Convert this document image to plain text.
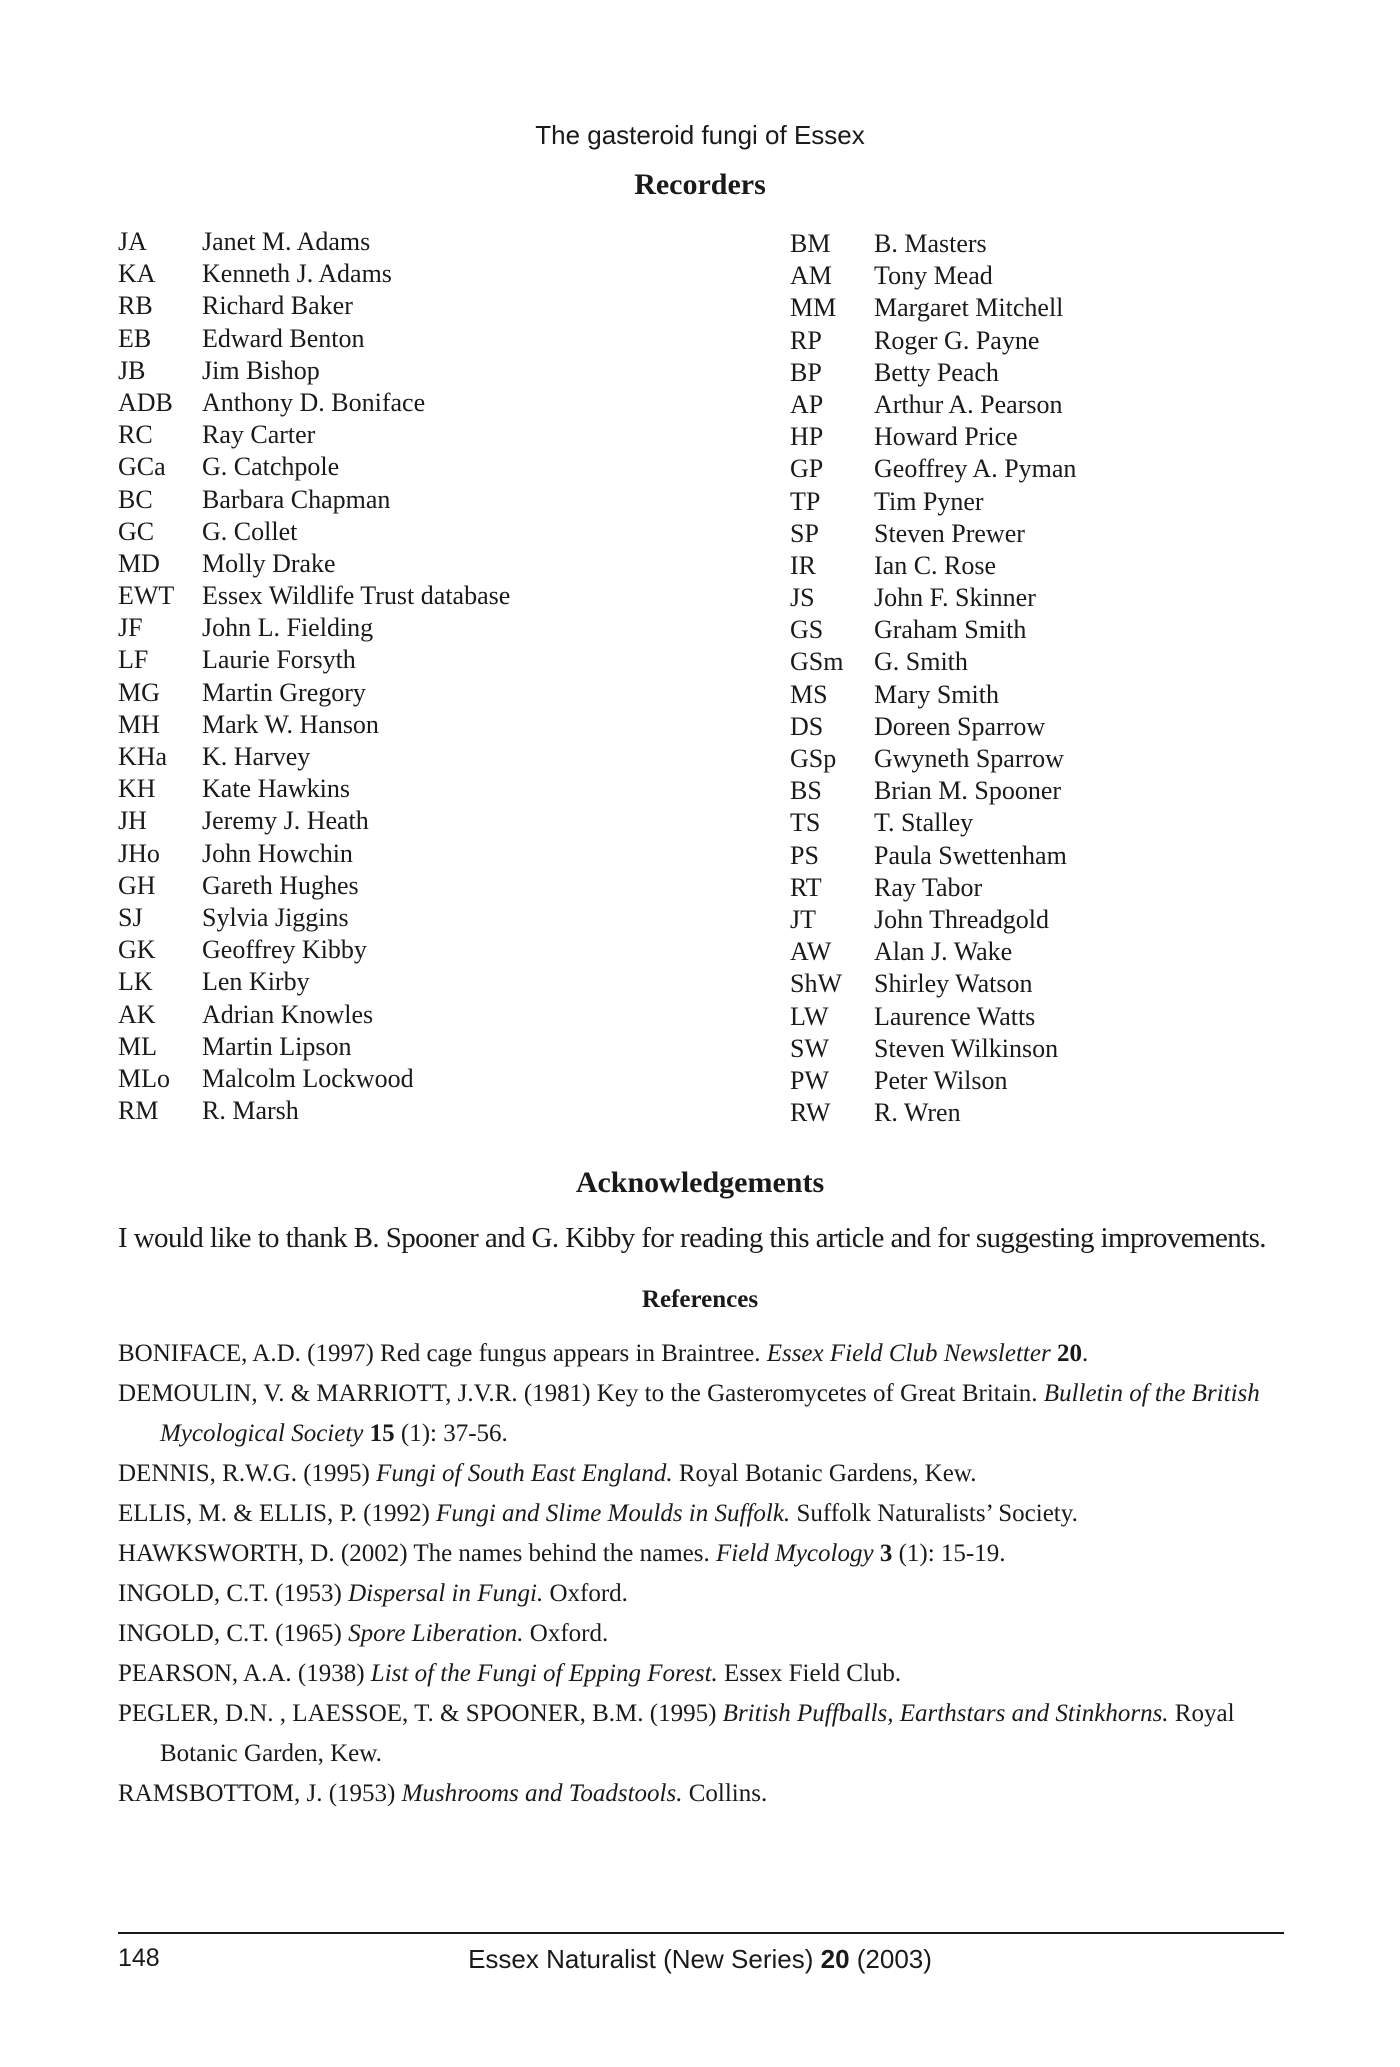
The gasteroid fungi of Essex
Recorders
JA Janet M. Adams
KA Kenneth J. Adams
RB Richard Baker
EB Edward Benton
JB Jim Bishop
ADB Anthony D. Boniface
RC Ray Carter
GCa G. Catchpole
BC Barbara Chapman
GC G. Collet
MD Molly Drake
EWT Essex Wildlife Trust database
JF John L. Fielding
LF Laurie Forsyth
MG Martin Gregory
MH Mark W. Hanson
KHa K. Harvey
KH Kate Hawkins
JH Jeremy J. Heath
JHo John Howchin
GH Gareth Hughes
SJ Sylvia Jiggins
GK Geoffrey Kibby
LK Len Kirby
AK Adrian Knowles
ML Martin Lipson
MLo Malcolm Lockwood
RM R. Marsh
BM B. Masters
AM Tony Mead
MM Margaret Mitchell
RP Roger G. Payne
BP Betty Peach
AP Arthur A. Pearson
HP Howard Price
GP Geoffrey A. Pyman
TP Tim Pyner
SP Steven Prewer
IR Ian C. Rose
JS John F. Skinner
GS Graham Smith
GSm G. Smith
MS Mary Smith
DS Doreen Sparrow
GSp Gwyneth Sparrow
BS Brian M. Spooner
TS T. Stalley
PS Paula Swettenham
RT Ray Tabor
JT John Threadgold
AW Alan J. Wake
ShW Shirley Watson
LW Laurence Watts
SW Steven Wilkinson
PW Peter Wilson
RW R. Wren
Acknowledgements
I would like to thank B. Spooner and G. Kibby for reading this article and for suggesting improvements.
References
BONIFACE, A.D. (1997) Red cage fungus appears in Braintree. Essex Field Club Newsletter 20.
DEMOULIN, V. & MARRIOTT, J.V.R. (1981) Key to the Gasteromycetes of Great Britain. Bulletin of the British Mycological Society 15 (1): 37-56.
DENNIS, R.W.G. (1995) Fungi of South East England. Royal Botanic Gardens, Kew.
ELLIS, M. & ELLIS, P. (1992) Fungi and Slime Moulds in Suffolk. Suffolk Naturalists’ Society.
HAWKSWORTH, D. (2002) The names behind the names. Field Mycology 3 (1): 15-19.
INGOLD, C.T. (1953) Dispersal in Fungi. Oxford.
INGOLD, C.T. (1965) Spore Liberation. Oxford.
PEARSON, A.A. (1938) List of the Fungi of Epping Forest. Essex Field Club.
PEGLER, D.N. , LAESSOE, T. & SPOONER, B.M. (1995) British Puffballs, Earthstars and Stinkhorns. Royal Botanic Garden, Kew.
RAMSBOTTOM, J. (1953) Mushrooms and Toadstools. Collins.
148	Essex Naturalist (New Series) 20 (2003)
